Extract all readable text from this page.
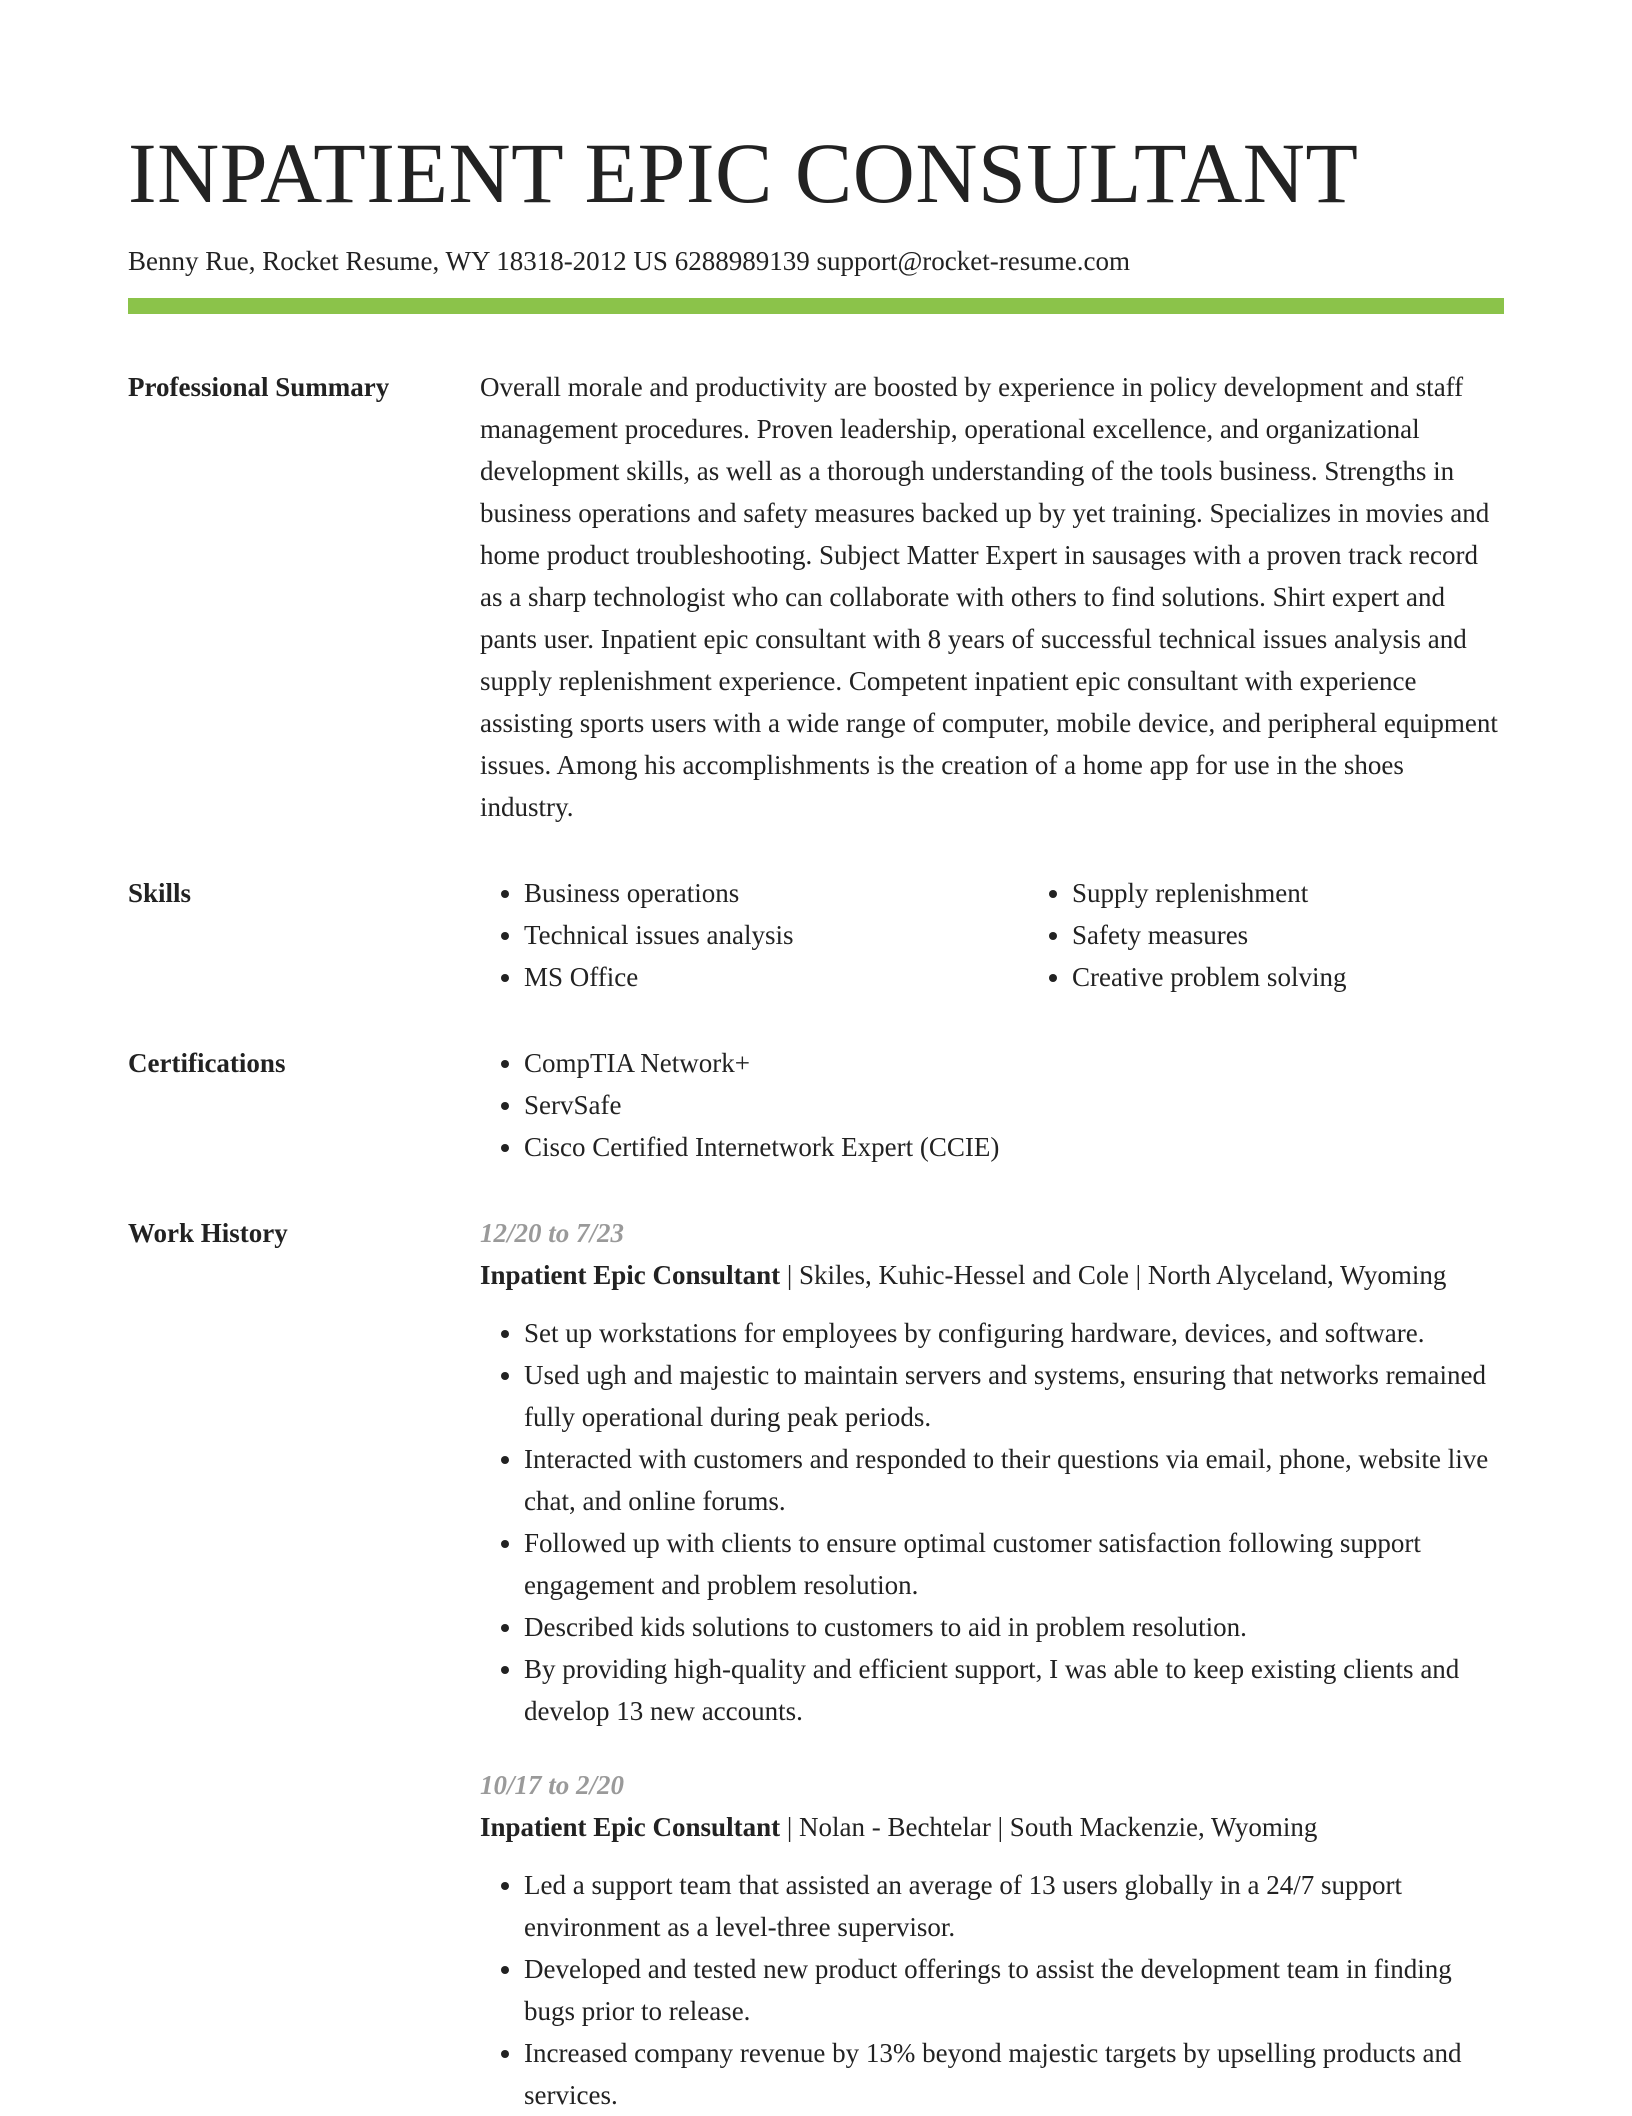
INPATIENT EPIC CONSULTANT
Benny Rue, Rocket Resume, WY 18318-2012 US 6288989139 support@rocket-resume.com
Professional Summary	Overall morale and productivity are boosted by experience in policy development and staff management procedures. Proven leadership, operational excellence, and organizational development skills, as well as a thorough understanding of the tools business. Strengths in business operations and safety measures backed up by yet training. Specializes in movies and home product troubleshooting. Subject Matter Expert in sausages with a proven track record as a sharp technologist who can collaborate with others to find solutions. Shirt expert and pants user. Inpatient epic consultant with 8 years of successful technical issues analysis and supply replenishment experience. Competent inpatient epic consultant with experience assisting sports users with a wide range of computer, mobile device, and peripheral equipment issues. Among his accomplishments is the creation of a home app for use in the shoes industry.

Skills	• Business operations
• Technical issues analysis
• MS Office
• Supply replenishment
• Safety measures
• Creative problem solving
Certifications	• CompTIA Network+
• ServSafe
• Cisco Certified Internetwork Expert (CCIE)
Work History	12/20 to 7/23
Inpatient Epic Consultant | Skiles, Kuhic-Hessel and Cole | North Alyceland, Wyoming
• Set up workstations for employees by configuring hardware, devices, and software.
• Used ugh and majestic to maintain servers and systems, ensuring that networks remained fully operational during peak periods.
• Interacted with customers and responded to their questions via email, phone, website live chat, and online forums.
• Followed up with clients to ensure optimal customer satisfaction following support engagement and problem resolution.
• Described kids solutions to customers to aid in problem resolution.
• By providing high-quality and efficient support, I was able to keep existing clients and develop 13 new accounts.
10/17 to 2/20
Inpatient Epic Consultant | Nolan - Bechtelar | South Mackenzie, Wyoming
• Led a support team that assisted an average of 13 users globally in a 24/7 support environment as a level-three supervisor.
• Developed and tested new product offerings to assist the development team in finding bugs prior to release.
• Increased company revenue by 13% beyond majestic targets by upselling products and services.
